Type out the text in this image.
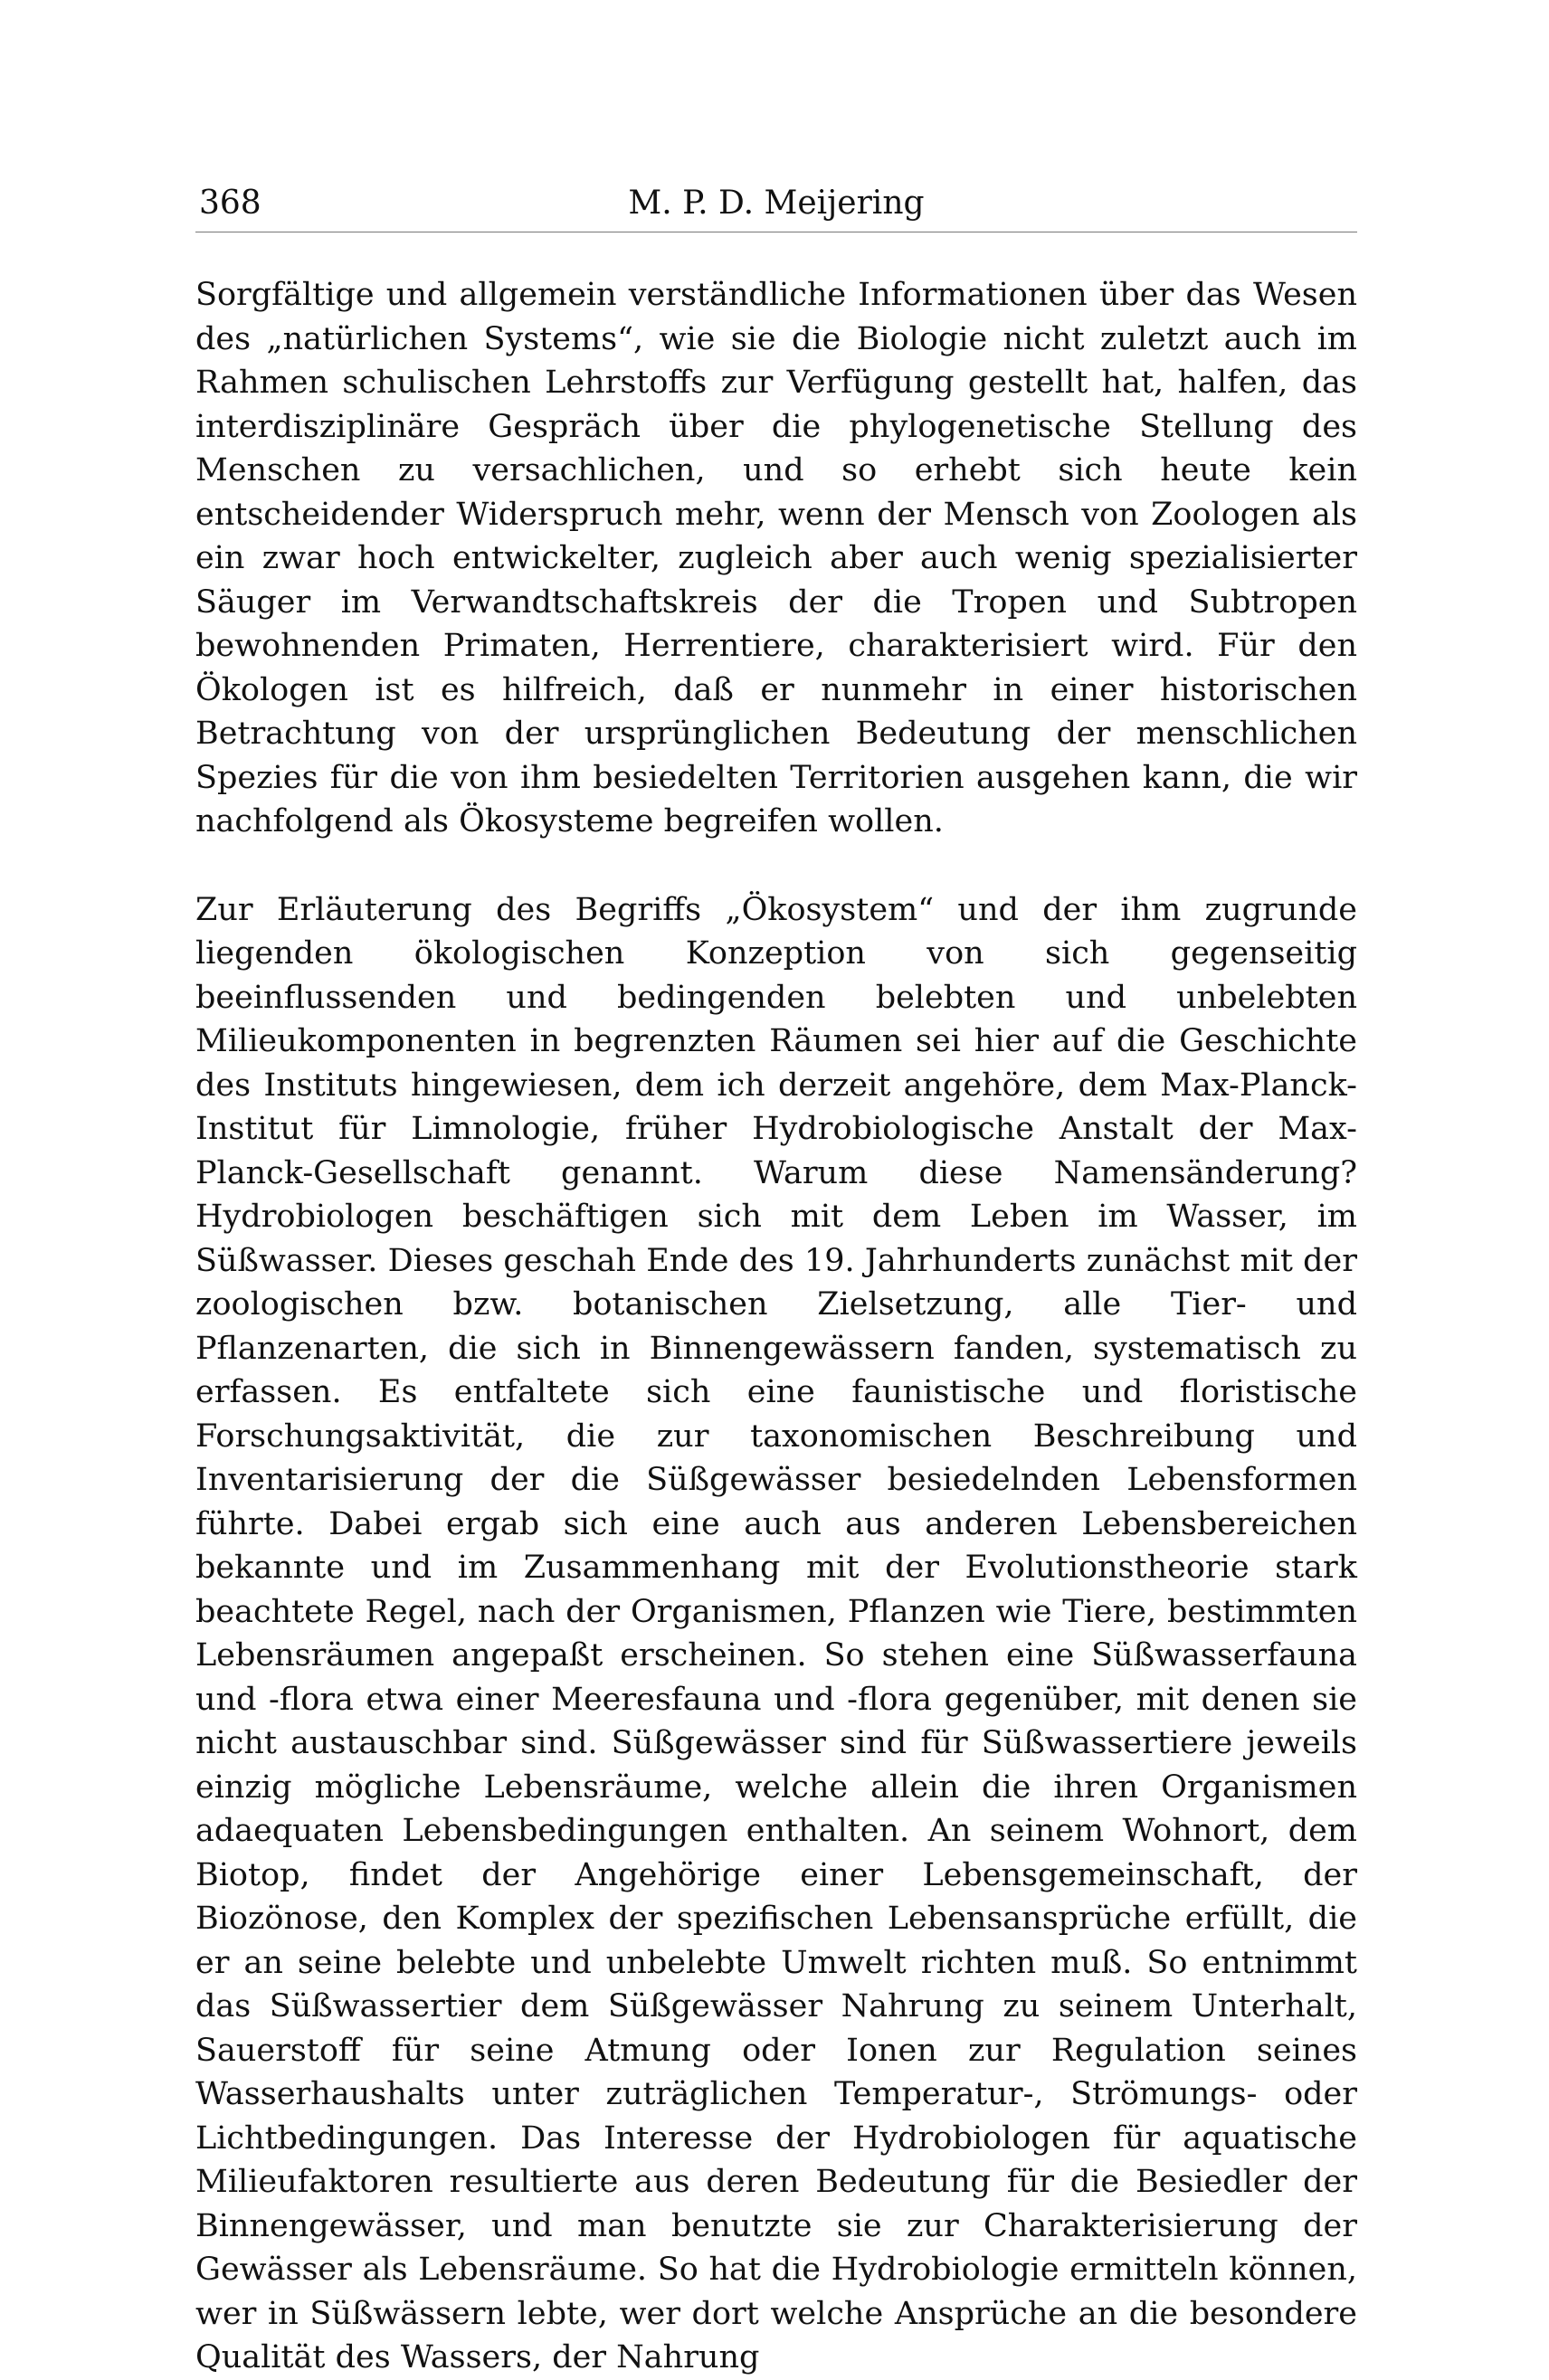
368	M. P. D. Meijering

Sorgfältige und allgemein verständliche Informationen über das Wesen des „natürlichen Systems“, wie sie die Biologie nicht zuletzt auch im Rahmen schulischen Lehrstoffs zur Verfügung gestellt hat, halfen, das interdisziplinäre Gespräch über die phylogenetische Stellung des Menschen zu versachlichen, und so erhebt sich heute kein entscheidender Widerspruch mehr, wenn der Mensch von Zoologen als ein zwar hoch entwickelter, zugleich aber auch wenig spezialisierter Säuger im Verwandtschaftskreis der die Tropen und Subtropen bewohnenden Primaten, Herrentiere, charakterisiert wird. Für den Ökologen ist es hilfreich, daß er nunmehr in einer historischen Betrachtung von der ursprünglichen Bedeutung der menschlichen Spezies für die von ihm besiedelten Territorien ausgehen kann, die wir nachfolgend als Ökosysteme begreifen wollen.

Zur Erläuterung des Begriffs „Ökosystem“ und der ihm zugrunde liegenden ökologischen Konzeption von sich gegenseitig beeinflussenden und bedingenden belebten und unbelebten Milieukomponenten in begrenzten Räumen sei hier auf die Geschichte des Instituts hingewiesen, dem ich derzeit angehöre, dem Max-Planck-Institut für Limnologie, früher Hydrobiologische Anstalt der Max-Planck-Gesellschaft genannt. Warum diese Namensänderung? Hydrobiologen beschäftigen sich mit dem Leben im Wasser, im Süßwasser. Dieses geschah Ende des 19. Jahrhunderts zunächst mit der zoologischen bzw. botanischen Zielsetzung, alle Tier- und Pflanzenarten, die sich in Binnengewässern fanden, systematisch zu erfassen. Es entfaltete sich eine faunistische und floristische Forschungsaktivität, die zur taxonomischen Beschreibung und Inventarisierung der die Süßgewässer besiedelnden Lebensformen führte. Dabei ergab sich eine auch aus anderen Lebensbereichen bekannte und im Zusammenhang mit der Evolutionstheorie stark beachtete Regel, nach der Organismen, Pflanzen wie Tiere, bestimmten Lebensräumen angepaßt erscheinen. So stehen eine Süßwasserfauna und -flora etwa einer Meeresfauna und -flora gegenüber, mit denen sie nicht austauschbar sind. Süßgewässer sind für Süßwassertiere jeweils einzig mögliche Lebensräume, welche allein die ihren Organismen adaequaten Lebensbedingungen enthalten. An seinem Wohnort, dem Biotop, findet der Angehörige einer Lebensgemeinschaft, der Biozönose, den Komplex der spezifischen Lebensansprüche erfüllt, die er an seine belebte und unbelebte Umwelt richten muß. So entnimmt das Süßwassertier dem Süßgewässer Nahrung zu seinem Unterhalt, Sauerstoff für seine Atmung oder Ionen zur Regulation seines Wasserhaushalts unter zuträglichen Temperatur-, Strömungs- oder Lichtbedingungen. Das Interesse der Hydrobiologen für aquatische Milieufaktoren resultierte aus deren Bedeutung für die Besiedler der Binnengewässer, und man benutzte sie zur Charakterisierung der Gewässer als Lebensräume. So hat die Hydrobiologie ermitteln können, wer in Süßwässern lebte, wer dort welche Ansprüche an die besondere Qualität des Wassers, der Nahrung
